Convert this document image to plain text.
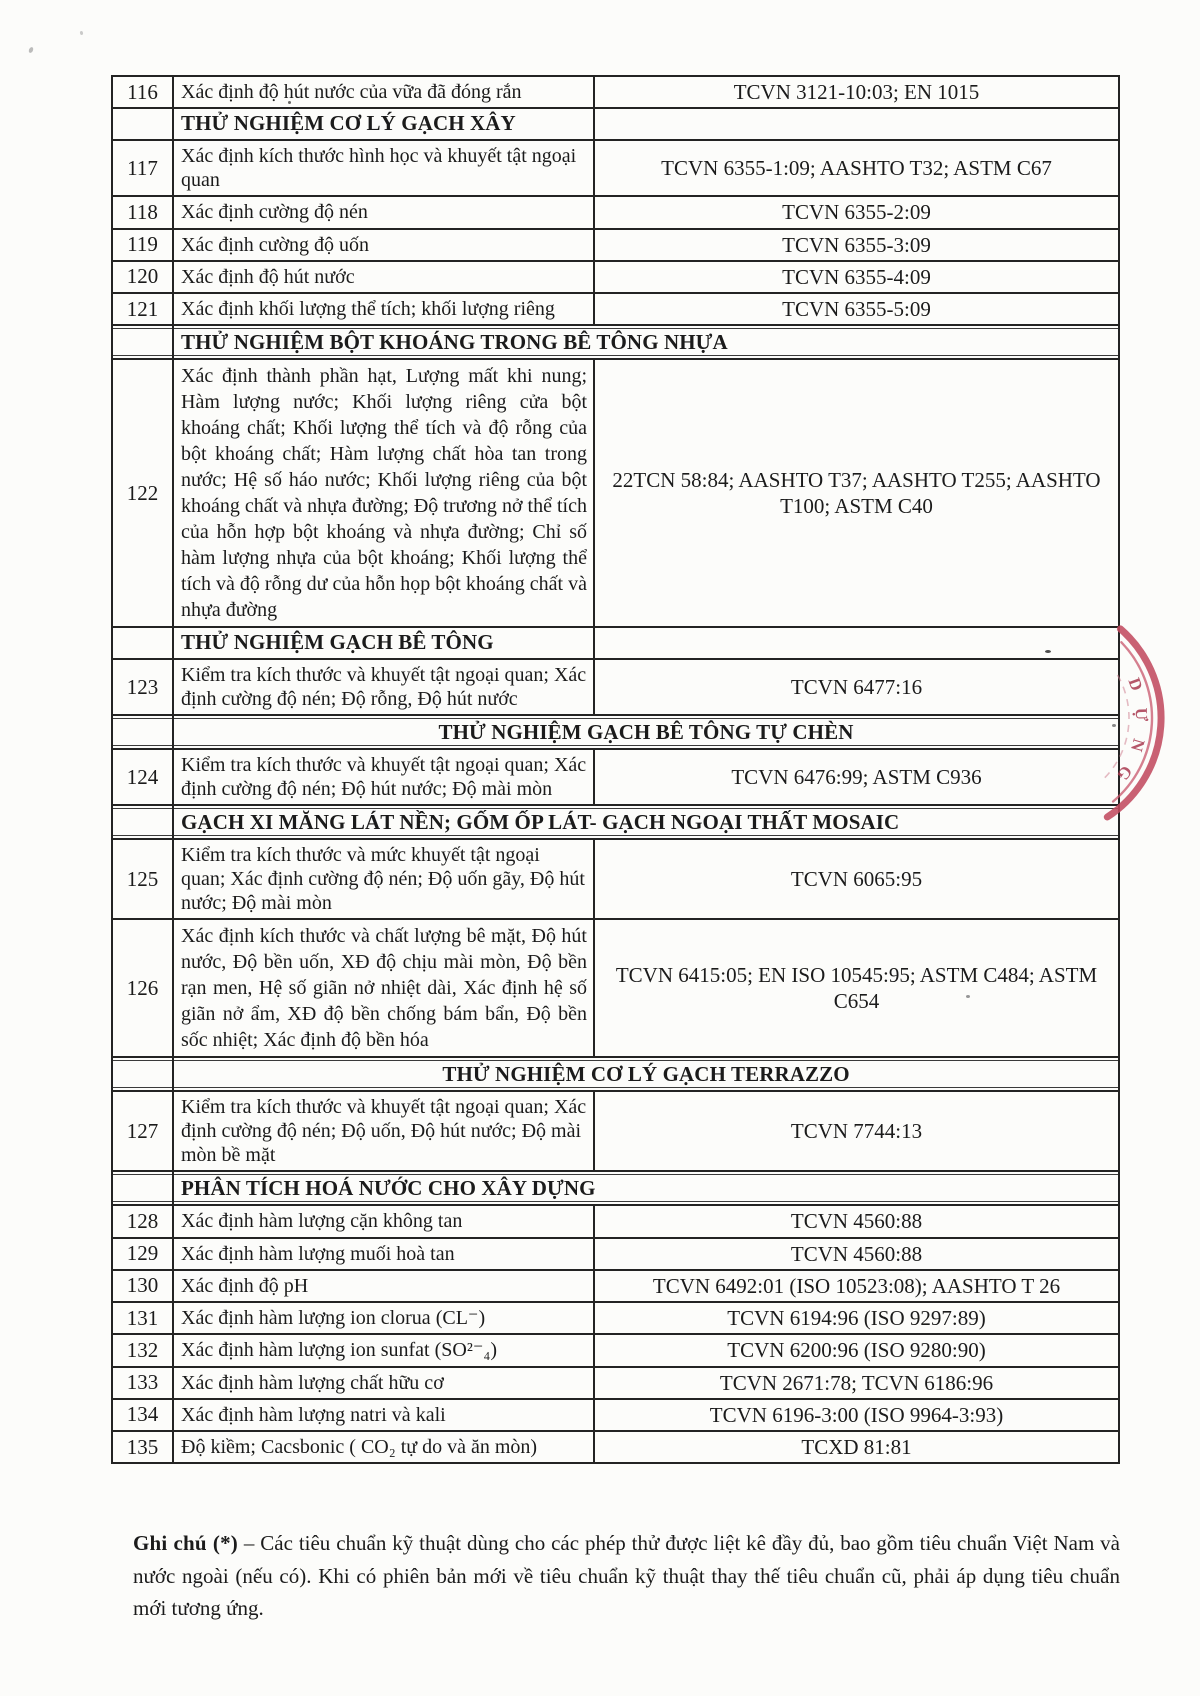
116	Xác định độ hút nước của vữa đã đóng rắn	TCVN 3121-10:03; EN 1015
	THỬ NGHIỆM CƠ LÝ GẠCH XÂY	
117	Xác định kích thước hình học và khuyết tật ngoại quan	TCVN 6355-1:09; AASHTO T32; ASTM C67
118	Xác định cường độ nén	TCVN 6355-2:09
119	Xác định cường độ uốn	TCVN 6355-3:09
120	Xác định độ hút nước	TCVN 6355-4:09
121	Xác định khối lượng thể tích; khối lượng riêng	TCVN 6355-5:09

THỬ NGHIỆM BỘT KHOÁNG TRONG BÊ TÔNG NHỰA	

122	Xác định thành phần hạt, Lượng mất khi nung; Hàm lượng nước; Khối lượng riêng cửa bột khoáng chất; Khối lượng thể tích và độ rỗng của bột khoáng chất; Hàm lượng chất hòa tan trong nước; Hệ số háo nước; Khối lượng riêng của bột khoáng chất và nhựa đường; Độ trương nở thể tích của hỗn hợp bột khoáng và nhựa đường; Chỉ số hàm lượng nhựa của bột khoáng; Khối lượng thể tích và độ rỗng dư của hỗn họp bột khoáng chất và nhựa đường	22TCN 58:84; AASHTO T37; AASHTO T255; AASHTO T100; ASTM C40
	THỬ NGHIỆM GẠCH BÊ TÔNG	
123	Kiểm tra kích thước và khuyết tật ngoại quan; Xác định cường độ nén; Độ rỗng, Độ hút nước	TCVN 6477:16

THỬ NGHIỆM GẠCH BÊ TÔNG TỰ CHÈN	

124	Kiểm tra kích thước và khuyết tật ngoại quan; Xác định cường độ nén; Độ hút nước; Độ mài mòn	TCVN 6476:99; ASTM C936

GẠCH XI MĂNG LÁT NỀN; GỐM ỐP LÁT- GẠCH NGOẠI THẤT MOSAIC	

125	Kiểm tra kích thước và mức khuyết tật ngoại quan; Xác định cường độ nén; Độ uốn gãy, Độ hút nước; Độ mài mòn	TCVN 6065:95
126	Xác định kích thước và chất lượng bê mặt, Độ hút nước, Độ bền uốn, XĐ độ chịu mài mòn, Độ bền rạn men, Hệ số giãn nở nhiệt dài, Xác định hệ số giãn nở ẩm, XĐ độ bền chống bám bẩn, Độ bền sốc nhiệt; Xác định độ bền hóa	TCVN 6415:05; EN ISO 10545:95; ASTM C484; ASTM C654

THỬ NGHIỆM CƠ LÝ GẠCH TERRAZZO	

127	Kiểm tra kích thước và khuyết tật ngoại quan; Xác định cường độ nén; Độ uốn, Độ hút nước; Độ mài mòn bề mặt	TCVN 7744:13

PHÂN TÍCH HOÁ NƯỚC CHO XÂY DỰNG	

128	Xác định hàm lượng cặn không tan	TCVN 4560:88
129	Xác định hàm lượng muối hoà tan	TCVN 4560:88
130	Xác định độ pH	TCVN 6492:01 (ISO 10523:08); AASHTO T 26
131	Xác định hàm lượng ion clorua (CL⁻)	TCVN 6194:96 (ISO 9297:89)
132	Xác định hàm lượng ion sunfat (SO²⁻₄)	TCVN 6200:96 (ISO 9280:90)
133	Xác định hàm lượng chất hữu cơ	TCVN 2671:78; TCVN 6186:96
134	Xác định hàm lượng natri và kali	TCVN 6196-3:00 (ISO 9964-3:93)
135	Độ kiềm; Cacsbonic ( CO₂ tự do và ăn mòn)	TCXD 81:81
D
Ự
N
G

Ghi chú (*) – Các tiêu chuẩn kỹ thuật dùng cho các phép thử được liệt kê đầy đủ, bao gồm tiêu chuẩn Việt Nam và nước ngoài (nếu có). Khi có phiên bản mới về tiêu chuẩn kỹ thuật thay thế tiêu chuẩn cũ, phải áp dụng tiêu chuẩn mới tương ứng.
